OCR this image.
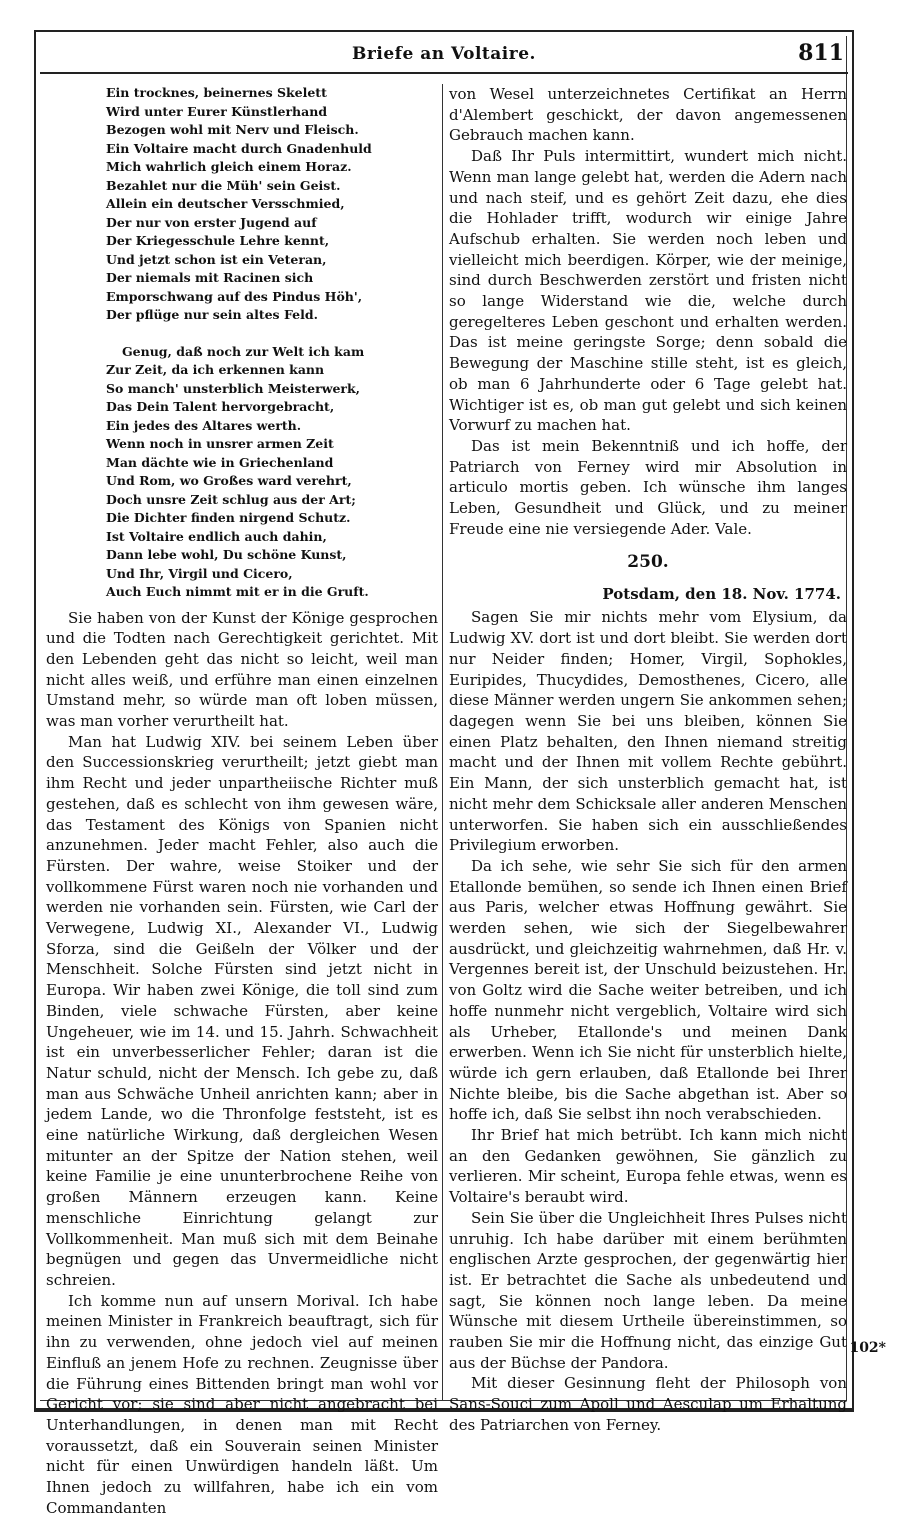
Briefe an Voltaire.	811
Ein trocknes, beinernes Skelett
Wird unter Eurer Künstlerhand
Bezogen wohl mit Nerv und Fleisch.
Ein Voltaire macht durch Gnadenhuld
Mich wahrlich gleich einem Horaz.
Bezahlet nur die Müh' sein Geist.
Allein ein deutscher Versschmied,
Der nur von erster Jugend auf
Der Kriegesschule Lehre kennt,
Und jetzt schon ist ein Veteran,
Der niemals mit Racinen sich
Emporschwang auf des Pindus Höh',
Der pflüge nur sein altes Feld.
Genug, daß noch zur Welt ich kam
Zur Zeit, da ich erkennen kann
So manch' unsterblich Meisterwerk,
Das Dein Talent hervorgebracht,
Ein jedes des Altares werth.
Wenn noch in unsrer armen Zeit
Man dächte wie in Griechenland
Und Rom, wo Großes ward verehrt,
Doch unsre Zeit schlug aus der Art;
Die Dichter finden nirgend Schutz.
Ist Voltaire endlich auch dahin,
Dann lebe wohl, Du schöne Kunst,
Und Ihr, Virgil und Cicero,
Auch Euch nimmt mit er in die Gruft.

Sie haben von der Kunst der Könige gesprochen und die Todten nach Gerechtigkeit gerichtet. Mit den Lebenden geht das nicht so leicht, weil man nicht alles weiß, und erführe man einen einzelnen Umstand mehr, so würde man oft loben müssen, was man vorher verurtheilt hat.

Man hat Ludwig XIV. bei seinem Leben über den Successionskrieg verurtheilt; jetzt giebt man ihm Recht und jeder unpartheiische Richter muß gestehen, daß es schlecht von ihm gewesen wäre, das Testament des Königs von Spanien nicht anzunehmen. Jeder macht Fehler, also auch die Fürsten. Der wahre, weise Stoiker und der vollkommene Fürst waren noch nie vorhanden und werden nie vorhanden sein. Fürsten, wie Carl der Verwegene, Ludwig XI., Alexander VI., Ludwig Sforza, sind die Geißeln der Völker und der Menschheit. Solche Fürsten sind jetzt nicht in Europa. Wir haben zwei Könige, die toll sind zum Binden, viele schwache Fürsten, aber keine Ungeheuer, wie im 14. und 15. Jahrh. Schwachheit ist ein unverbesserlicher Fehler; daran ist die Natur schuld, nicht der Mensch. Ich gebe zu, daß man aus Schwäche Unheil anrichten kann; aber in jedem Lande, wo die Thronfolge feststeht, ist es eine natürliche Wirkung, daß dergleichen Wesen mitunter an der Spitze der Nation stehen, weil keine Familie je eine ununterbrochene Reihe von großen Männern erzeugen kann. Keine menschliche Einrichtung gelangt zur Vollkommenheit. Man muß sich mit dem Beinahe begnügen und gegen das Unvermeidliche nicht schreien.

Ich komme nun auf unsern Morival. Ich habe meinen Minister in Frankreich beauftragt, sich für ihn zu verwenden, ohne jedoch viel auf meinen Einfluß an jenem Hofe zu rechnen. Zeugnisse über die Führung eines Bittenden bringt man wohl vor Gericht vor; sie sind aber nicht angebracht bei Unterhandlungen, in denen man mit Recht voraussetzt, daß ein Souverain seinen Minister nicht für einen Unwürdigen handeln läßt. Um Ihnen jedoch zu willfahren, habe ich ein vom Commandanten

von Wesel unterzeichnetes Certifikat an Herrn d'Alembert geschickt, der davon angemessenen Gebrauch machen kann.

Daß Ihr Puls intermittirt, wundert mich nicht. Wenn man lange gelebt hat, werden die Adern nach und nach steif, und es gehört Zeit dazu, ehe dies die Hohlader trifft, wodurch wir einige Jahre Aufschub erhalten. Sie werden noch leben und vielleicht mich beerdigen. Körper, wie der meinige, sind durch Beschwerden zerstört und fristen nicht so lange Widerstand wie die, welche durch geregelteres Leben geschont und erhalten werden. Das ist meine geringste Sorge; denn sobald die Bewegung der Maschine stille steht, ist es gleich, ob man 6 Jahrhunderte oder 6 Tage gelebt hat. Wichtiger ist es, ob man gut gelebt und sich keinen Vorwurf zu machen hat.

Das ist mein Bekenntniß und ich hoffe, der Patriarch von Ferney wird mir Absolution in articulo mortis geben. Ich wünsche ihm langes Leben, Gesundheit und Glück, und zu meiner Freude eine nie versiegende Ader. Vale.

250.
Potsdam, den 18. Nov. 1774.

Sagen Sie mir nichts mehr vom Elysium, da Ludwig XV. dort ist und dort bleibt. Sie werden dort nur Neider finden; Homer, Virgil, Sophokles, Euripides, Thucydides, Demosthenes, Cicero, alle diese Männer werden ungern Sie ankommen sehen; dagegen wenn Sie bei uns bleiben, können Sie einen Platz behalten, den Ihnen niemand streitig macht und der Ihnen mit vollem Rechte gebührt. Ein Mann, der sich unsterblich gemacht hat, ist nicht mehr dem Schicksale aller anderen Menschen unterworfen. Sie haben sich ein ausschließendes Privilegium erworben.

Da ich sehe, wie sehr Sie sich für den armen Etallonde bemühen, so sende ich Ihnen einen Brief aus Paris, welcher etwas Hoffnung gewährt. Sie werden sehen, wie sich der Siegelbewahrer ausdrückt, und gleichzeitig wahrnehmen, daß Hr. v. Vergennes bereit ist, der Unschuld beizustehen. Hr. von Goltz wird die Sache weiter betreiben, und ich hoffe nunmehr nicht vergeblich, Voltaire wird sich als Urheber, Etallonde's und meinen Dank erwerben. Wenn ich Sie nicht für unsterblich hielte, würde ich gern erlauben, daß Etallonde bei Ihrer Nichte bleibe, bis die Sache abgethan ist. Aber so hoffe ich, daß Sie selbst ihn noch verabschieden.

Ihr Brief hat mich betrübt. Ich kann mich nicht an den Gedanken gewöhnen, Sie gänzlich zu verlieren. Mir scheint, Europa fehle etwas, wenn es Voltaire's beraubt wird.

Sein Sie über die Ungleichheit Ihres Pulses nicht unruhig. Ich habe darüber mit einem berühmten englischen Arzte gesprochen, der gegenwärtig hier ist. Er betrachtet die Sache als unbedeutend und sagt, Sie können noch lange leben. Da meine Wünsche mit diesem Urtheile übereinstimmen, so rauben Sie mir die Hoffnung nicht, das einzige Gut aus der Büchse der Pandora.

Mit dieser Gesinnung fleht der Philosoph von Sans-Souci zum Apoll und Aesculap um Erhaltung des Patriarchen von Ferney.

102*
